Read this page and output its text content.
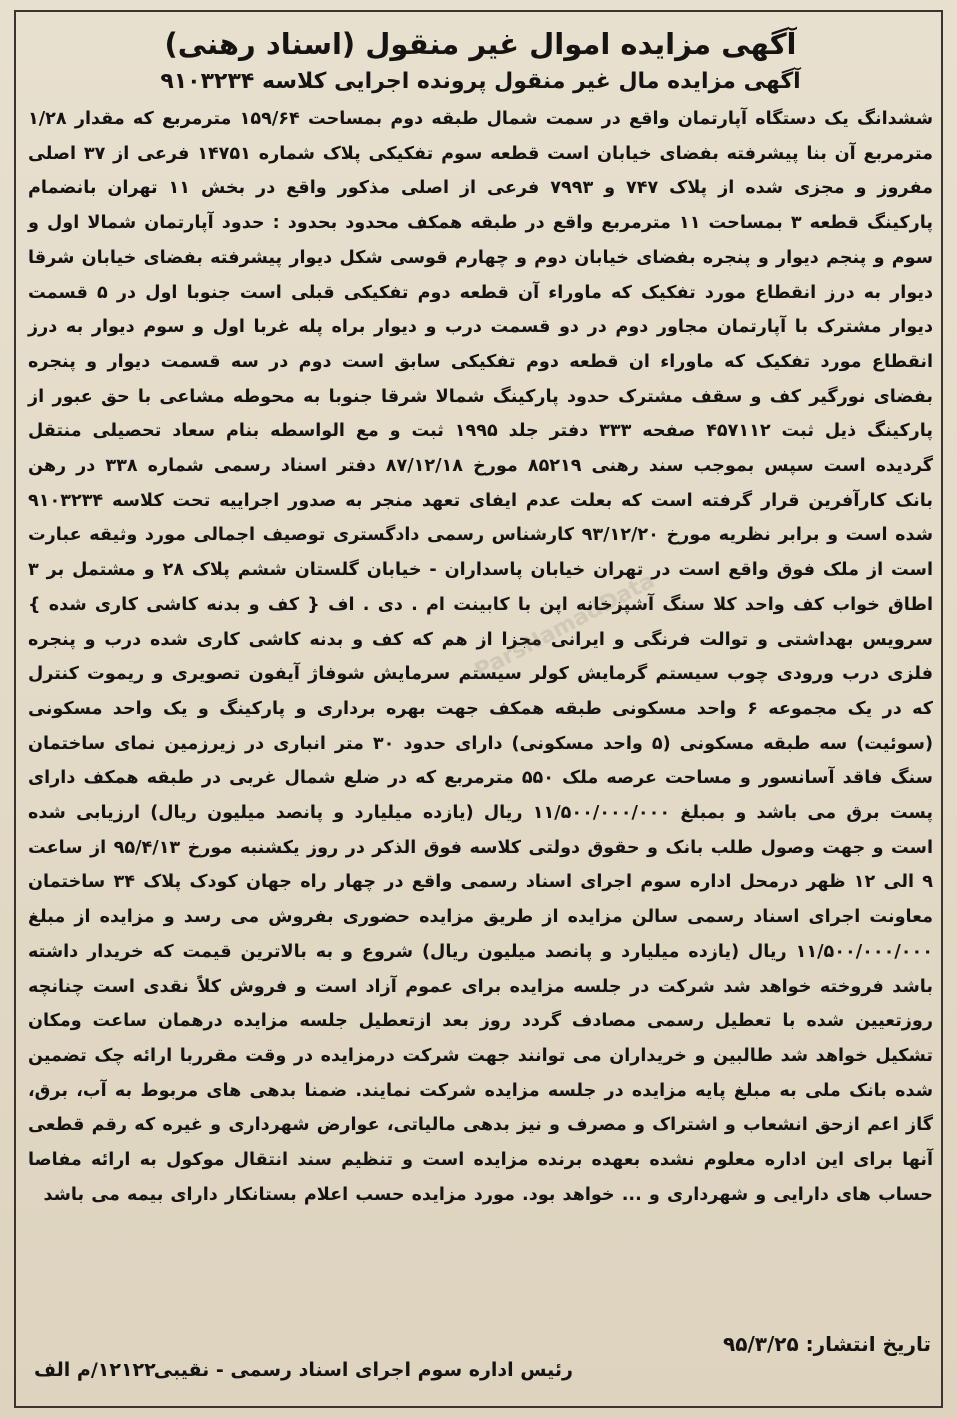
آگهی مزایده اموال غیر منقول (اسناد رهنی)
آگهی مزایده مال غیر منقول پرونده اجرایی کلاسه ۹۱۰۳۲۳۴

ششدانگ یک دستگاه آپارتمان واقع در سمت شمال طبقه دوم بمساحت ۱۵۹/۶۴ مترمربع که مقدار ۱/۲۸ مترمربع آن بنا پیشرفته بفضای خیابان است قطعه سوم تفکیکی پلاک شماره ۱۴۷۵۱ فرعی از ۳۷ اصلی مفروز و مجزی شده از پلاک ۷۴۷ و ۷۹۹۳ فرعی از اصلی مذکور واقع در بخش ۱۱ تهران بانضمام پارکینگ قطعه ۳ بمساحت ۱۱ مترمربع واقع در طبقه همکف محدود بحدود : حدود آپارتمان شمالا اول و سوم و پنجم دیوار و پنجره بفضای خیابان دوم و چهارم قوسی شکل دیوار پیشرفته بفضای خیابان شرقا دیوار به درز انقطاع مورد تفکیک که ماوراء آن قطعه دوم تفکیکی قبلی است جنوبا اول در ۵ قسمت دیوار مشترک با آپارتمان مجاور دوم در دو قسمت درب و دیوار براه پله غربا اول و سوم دیوار به درز انقطاع مورد تفکیک که ماوراء ان قطعه دوم تفکیکی سابق است دوم در سه قسمت دیوار و پنجره بفضای نورگیر کف و سقف مشترک حدود پارکینگ شمالا شرقا جنوبا به محوطه مشاعی با حق عبور از پارکینگ ذیل ثبت ۴۵۷۱۱۲ صفحه ۳۳۳ دفتر جلد ۱۹۹۵ ثبت و مع الواسطه بنام سعاد تحصیلی منتقل گردیده است سپس بموجب سند رهنی ۸۵۲۱۹ مورخ ۸۷/۱۲/۱۸ دفتر اسناد رسمی شماره ۳۳۸ در رهن بانک کارآفرین قرار گرفته است که بعلت عدم ایفای تعهد منجر به صدور اجراییه تحت کلاسه ۹۱۰۳۲۳۴ شده است و برابر نظریه مورخ ۹۳/۱۲/۲۰ کارشناس رسمی دادگستری توصیف اجمالی مورد وثیقه عبارت است از ملک فوق واقع است در تهران خیابان پاسداران - خیابان گلستان ششم پلاک ۲۸ و مشتمل بر ۳ اطاق خواب کف واحد کلا سنگ آشپزخانه اپن با کابینت ام . دی . اف { کف و بدنه کاشی کاری شده } سرویس بهداشتی و توالت فرنگی و ایرانی مجزا از هم که کف و بدنه کاشی کاری شده درب و پنجره فلزی درب ورودی چوب سیستم گرمایش کولر سیستم سرمایش شوفاژ آیفون تصویری و ریموت کنترل که در یک مجموعه ۶ واحد مسکونی طبقه همکف جهت بهره برداری و پارکینگ و یک واحد مسکونی (سوئیت) سه طبقه مسکونی (۵ واحد مسکونی) دارای حدود ۳۰ متر انباری در زیرزمین نمای ساختمان سنگ فاقد آسانسور و مساحت عرصه ملک ۵۵۰ مترمربع که در ضلع شمال غربی در طبقه همکف دارای پست برق می باشد و بمبلغ ۱۱/۵۰۰/۰۰۰/۰۰۰ ریال (یازده میلیارد و پانصد میلیون ریال) ارزیابی شده است و جهت وصول طلب بانک و حقوق دولتی کلاسه فوق الذکر در روز یکشنبه مورخ ۹۵/۴/۱۳ از ساعت ۹ الی ۱۲ ظهر درمحل اداره سوم اجرای اسناد رسمی واقع در چهار راه جهان کودک پلاک ۳۴ ساختمان معاونت اجرای اسناد رسمی سالن مزایده از طریق مزایده حضوری بفروش می رسد و مزایده از مبلغ ۱۱/۵۰۰/۰۰۰/۰۰۰ ریال (یازده میلیارد و پانصد میلیون ریال) شروع و به بالاترین قیمت که خریدار داشته باشد فروخته خواهد شد شرکت در جلسه مزایده برای عموم آزاد است و فروش کلاً نقدی است چنانچه روزتعیین شده با تعطیل رسمی مصادف گردد روز بعد ازتعطیل جلسه مزایده درهمان ساعت ومکان تشکیل خواهد شد طالبین و خریداران می توانند جهت شرکت درمزایده در وقت مقرربا ارائه چک تضمین شده بانک ملی به مبلغ پایه مزایده در جلسه مزایده شرکت نمایند. ضمنا بدهی های مربوط به آب، برق، گاز اعم ازحق انشعاب و اشتراک و مصرف و نیز بدهی مالیاتی، عوارض شهرداری و غیره که رقم قطعی آنها برای این اداره معلوم نشده بعهده برنده مزایده است و تنظیم سند انتقال موکول به ارائه مفاصا حساب های دارایی و شهرداری و ... خواهد بود. مورد مزایده حسب اعلام بستانکار دارای بیمه می باشد

ParsNamadData
تاریخ انتشار: ۹۵/۳/۲۵
رئیس اداره سوم اجرای اسناد رسمی - نقیبی
۱۲۱۲۲/م الف
